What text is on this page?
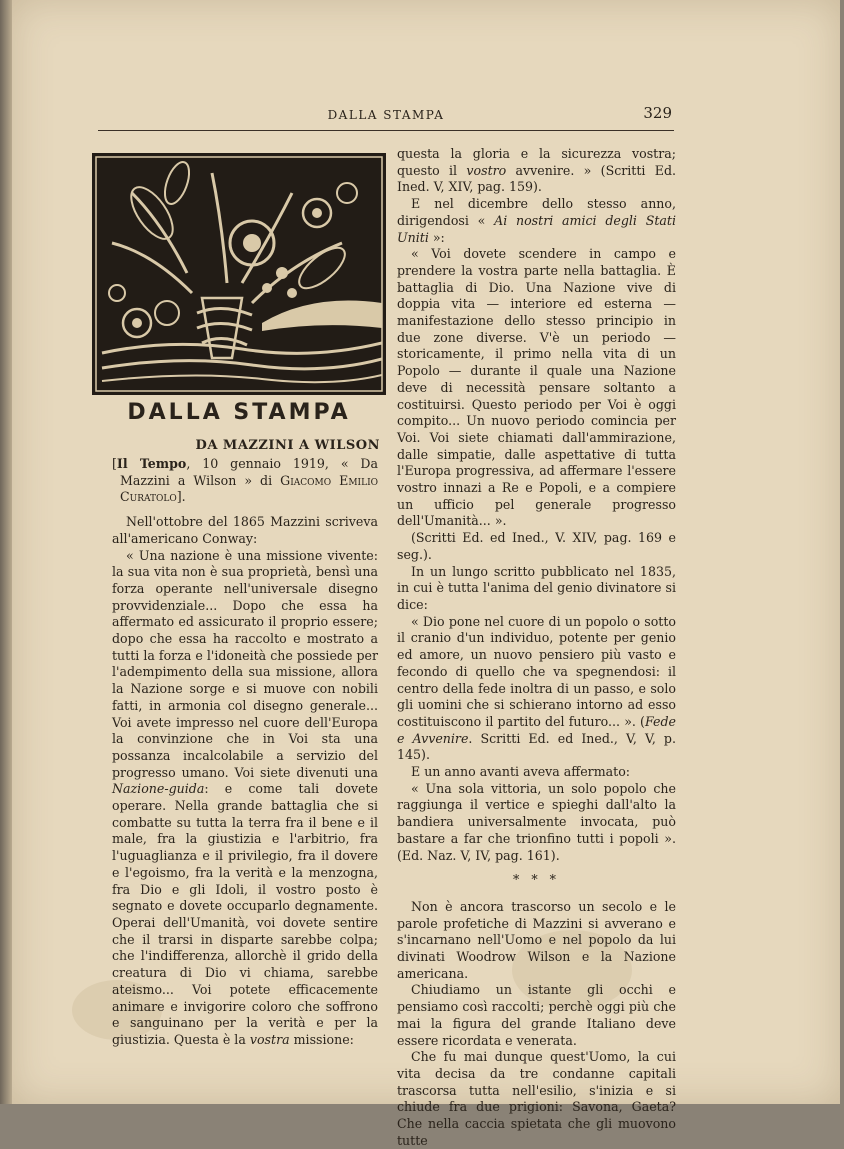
DALLA STAMPA	329
DALLA STAMPA
DA MAZZINI A WILSON

[Il Tempo, 10 gennaio 1919, « Da Mazzini a Wilson » di Giacomo Emilio Curatolo].

Nell'ottobre del 1865 Mazzini scriveva all'americano Conway:

« Una nazione è una missione vivente: la sua vita non è sua proprietà, bensì una forza operante nell'universale disegno provvidenziale... Dopo che essa ha affermato ed assicurato il proprio essere; dopo che essa ha raccolto e mostrato a tutti la forza e l'idoneità che possiede per l'adempimento della sua missione, allora la Nazione sorge e si muove con nobili fatti, in armonia col disegno generale... Voi avete impresso nel cuore dell'Europa la convinzione che in Voi sta una possanza incalcolabile a servizio del progresso umano. Voi siete divenuti una Nazione-guida: e come tali dovete operare. Nella grande battaglia che si combatte su tutta la terra fra il bene e il male, fra la giustizia e l'arbitrio, fra l'uguaglianza e il privilegio, fra il dovere e l'egoismo, fra la verità e la menzogna, fra Dio e gli Idoli, il vostro posto è segnato e dovete occuparlo degnamente. Operai dell'Umanità, voi dovete sentire che il trarsi in disparte sarebbe colpa; che l'indifferenza, allorchè il grido della creatura di Dio vi chiama, sarebbe ateismo... Voi potete efficacemente animare e invigorire coloro che soffrono e sanguinano per la verità e per la giustizia. Questa è la vostra missione:

questa la gloria e la sicurezza vostra; questo il vostro avvenire. » (Scritti Ed. Ined. V, XIV, pag. 159).

E nel dicembre dello stesso anno, dirigendosi « Ai nostri amici degli Stati Uniti »:

« Voi dovete scendere in campo e prendere la vostra parte nella battaglia. È battaglia di Dio. Una Nazione vive di doppia vita — interiore ed esterna — manifestazione dello stesso principio in due zone diverse. V'è un periodo — storicamente, il primo nella vita di un Popolo — durante il quale una Nazione deve di necessità pensare soltanto a costituirsi. Questo periodo per Voi è oggi compito... Un nuovo periodo comincia per Voi. Voi siete chiamati dall'ammirazione, dalle simpatie, dalle aspettative di tutta l'Europa progressiva, ad affermare l'essere vostro innazi a Re e Popoli, e a compiere un ufficio pel generale progresso dell'Umanità... ».

(Scritti Ed. ed Ined., V. XIV, pag. 169 e seg.).

In un lungo scritto pubblicato nel 1835, in cui è tutta l'anima del genio divinatore si dice:

« Dio pone nel cuore di un popolo o sotto il cranio d'un individuo, potente per genio ed amore, un nuovo pensiero più vasto e fecondo di quello che va spegnendosi: il centro della fede inoltra di un passo, e solo gli uomini che si schierano intorno ad esso costituiscono il partito del futuro... ». (Fede e Avvenire. Scritti Ed. ed Ined., V, V, p. 145).

E un anno avanti aveva affermato:

« Una sola vittoria, un solo popolo che raggiunga il vertice e spieghi dall'alto la bandiera universalmente invocata, può bastare a far che trionfino tutti i popoli ». (Ed. Naz. V, IV, pag. 161).

* * *

Non è ancora trascorso un secolo e le parole profetiche di Mazzini si avverano e s'incarnano nell'Uomo e nel popolo da lui divinati Woodrow Wilson e la Nazione americana.

Chiudiamo un istante gli occhi e pensiamo così raccolti; perchè oggi più che mai la figura del grande Italiano deve essere ricordata e venerata.

Che fu mai dunque quest'Uomo, la cui vita decisa da tre condanne capitali trascorsa tutta nell'esilio, s'inizia e si chiude fra due prigioni: Savona, Gaeta? Che nella caccia spietata che gli muovono tutte
